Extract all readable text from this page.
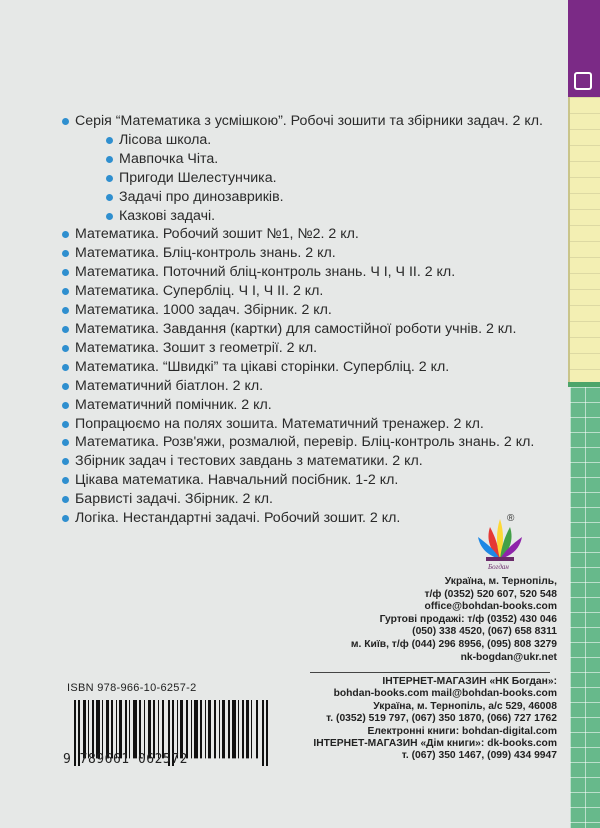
Серія “Математика з усмішкою”. Робочі зошити та збірники задач. 2 кл.
Лісова школа.
Мавпочка Чіта.
Пригоди Шелестунчика.
Задачі про динозавриків.
Казкові задачі.
Математика. Робочий зошит №1, №2. 2 кл.
Математика. Бліц-контроль знань. 2 кл.
Математика. Поточний бліц-контроль знань. Ч І, Ч ІІ. 2 кл.
Математика. Супербліц. Ч І, Ч ІІ. 2 кл.
Математика. 1000 задач. Збірник. 2 кл.
Математика. Завдання (картки) для самостійної роботи учнів. 2 кл.
Математика. Зошит з геометрії. 2 кл.
Математика. “Швидкі” та цікаві сторінки. Супербліц. 2 кл.
Математичний біатлон. 2 кл.
Математичний помічник. 2 кл.
Попрацюємо на полях зошита. Математичний тренажер. 2 кл.
Математика. Розв'яжи, розмалюй, перевір. Бліц-контроль знань. 2 кл.
Збірник задач і тестових завдань з математики. 2 кл.
Цікава математика. Навчальний посібник. 1-2 кл.
Барвисті задачі. Збірник. 2 кл.
Логіка. Нестандартні задачі. Робочий зошит. 2 кл.	®
Богдан
Україна, м. Тернопіль,
т/ф (0352) 520 607, 520 548
office@bohdan-books.com
Гуртові продажі: т/ф (0352) 430 046
(050) 338 4520, (067) 658 8311
м. Київ, т/ф (044) 296 8956, (095) 808 3279
nk-bogdan@ukr.net
ISBN 978-966-10-6257-2
9 789661 062572
ІНТЕРНЕТ-МАГАЗИН «НК Богдан»:
bohdan-books.com mail@bohdan-books.com
Україна, м. Тернопіль, а/с 529, 46008
т. (0352) 519 797, (067) 350 1870, (066) 727 1762
Електронні книги: bohdan-digital.com
ІНТЕРНЕТ-МАГАЗИН «Дім книги»: dk-books.com
т. (067) 350 1467, (099) 434 9947
